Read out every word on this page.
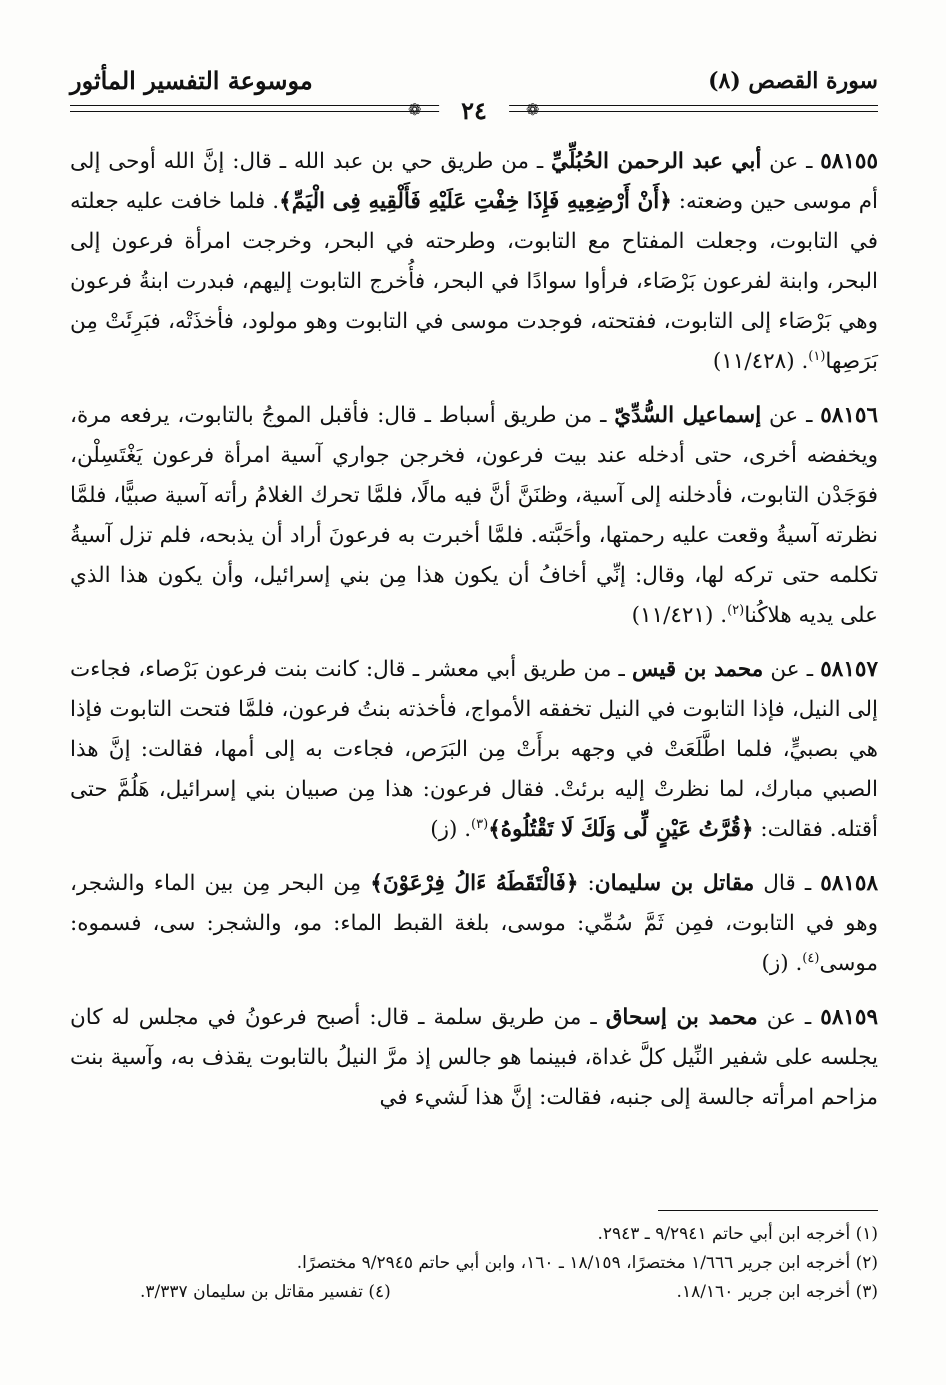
سورة القصص (٨)
موسوعة التفسير المأثور
❁	❁
٢٤

٥٨١٥٥ ـ عن أبي عبد الرحمن الحُبُلِّيِّ ـ من طريق حي بن عبد الله ـ قال: إنَّ الله أوحى إلى أم موسى حين وضعته: ﴿أَنْ أَرْضِعِيهِ فَإِذَا خِفْتِ عَلَيْهِ فَأَلْقِيهِ فِى الْيَمِّ﴾. فلما خافت عليه جعلته في التابوت، وجعلت المفتاح مع التابوت، وطرحته في البحر، وخرجت امرأة فرعون إلى البحر، وابنة لفرعون بَرْصَاء، فرأوا سوادًا في البحر، فأُخرج التابوت إليهم، فبدرت ابنةُ فرعون وهي بَرْصَاء إلى التابوت، ففتحته، فوجدت موسى في التابوت وهو مولود، فأخذَتْه، فبَرِئَتْ مِن بَرَصِها$^{(١)}$. (١١/٤٢٨)

٥٨١٥٦ ـ عن إسماعيل السُّدِّيّ ـ من طريق أسباط ـ قال: فأقبل الموجُ بالتابوت، يرفعه مرة، ويخفضه أخرى، حتى أدخله عند بيت فرعون، فخرجن جواري آسية امرأة فرعون يَغْتَسِلْن، فوَجَدْن التابوت، فأدخلنه إلى آسية، وظنَنَّ أنَّ فيه مالًا، فلمَّا تحرك الغلامُ رأته آسية صبيًّا، فلمَّا نظرته آسيةُ وقعت عليه رحمتها، وأحَبَّته. فلمَّا أخبرت به فرعونَ أراد أن يذبحه، فلم تزل آسيةُ تكلمه حتى تركه لها، وقال: إنِّي أخافُ أن يكون هذا مِن بني إسرائيل، وأن يكون هذا الذي على يديه هلاكُنا$^{(٢)}$. (١١/٤٢١)

٥٨١٥٧ ـ عن محمد بن قيس ـ من طريق أبي معشر ـ قال: كانت بنت فرعون بَرْصاء، فجاءت إلى النيل، فإذا التابوت في النيل تخفقه الأمواج، فأخذته بنتُ فرعون، فلمَّا فتحت التابوت فإذا هي بصبيٍّ، فلما اطَّلَعَتْ في وجهه برأَتْ مِن البَرَص، فجاءت به إلى أمها، فقالت: إنَّ هذا الصبي مبارك، لما نظرتْ إليه برئتْ. فقال فرعون: هذا مِن صبيان بني إسرائيل، هَلُمَّ حتى أقتله. فقالت: ﴿قُرَّتُ عَيْنٍ لِّى وَلَكَ لَا تَقْتُلُوهُ﴾$^{(٣)}$. (ز)

٥٨١٥٨ ـ قال مقاتل بن سليمان: ﴿فَالْتَقَطَهُ ءَالُ فِرْعَوْنَ﴾ مِن البحر مِن بين الماء والشجر، وهو في التابوت، فمِن ثَمَّ سُمِّي: موسى، بلغة القبط الماء: مو، والشجر: سى، فسموه: موسى$^{(٤)}$. (ز)

٥٨١٥٩ ـ عن محمد بن إسحاق ـ من طريق سلمة ـ قال: أصبح فرعونُ في مجلس له كان يجلسه على شفير النِّيل كلَّ غداة، فبينما هو جالس إذ مرَّ النيلُ بالتابوت يقذف به، وآسية بنت مزاحم امرأته جالسة إلى جنبه، فقالت: إنَّ هذا لَشيء في

(١) أخرجه ابن أبي حاتم ٩/٢٩٤١ ـ ٢٩٤٣.
(٢) أخرجه ابن جرير ١/٦٦٦ مختصرًا، ١٨/١٥٩ ـ ١٦٠، وابن أبي حاتم ٩/٢٩٤٥ مختصرًا.
(٣) أخرجه ابن جرير ١٨/١٦٠.
(٤) تفسير مقاتل بن سليمان ٣/٣٣٧.
